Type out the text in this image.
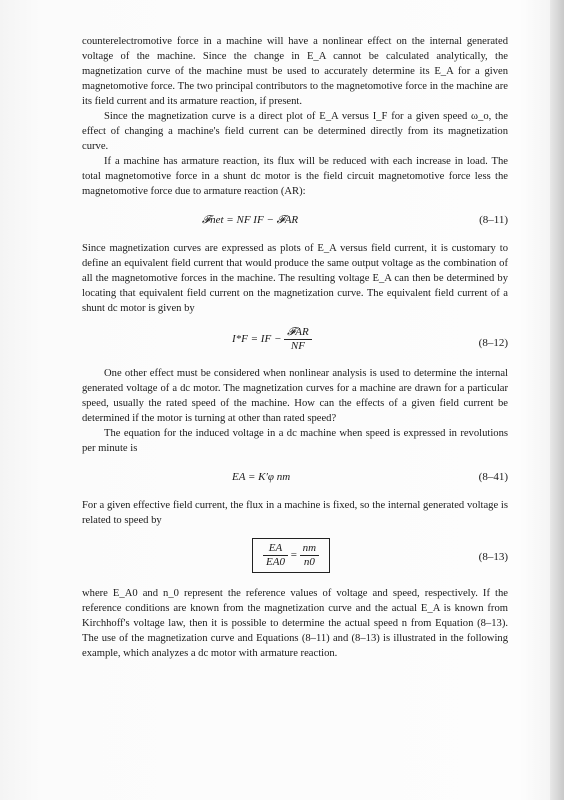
counterelectromotive force in a machine will have a nonlinear effect on the internal generated voltage of the machine. Since the change in E_A cannot be calculated analytically, the magnetization curve of the machine must be used to accurately determine its E_A for a given magnetomotive force. The two principal contributors to the magnetomotive force in the machine are its field current and its armature reaction, if present.

Since the magnetization curve is a direct plot of E_A versus I_F for a given speed ω_o, the effect of changing a machine's field current can be determined directly from its magnetization curve.

If a machine has armature reaction, its flux will be reduced with each increase in load. The total magnetomotive force in a shunt dc motor is the field circuit magnetomotive force less the magnetomotive force due to armature reaction (AR):

𝓕net = NF IF − 𝓕AR	(8–11)

Since magnetization curves are expressed as plots of E_A versus field current, it is customary to define an equivalent field current that would produce the same output voltage as the combination of all the magnetomotive forces in the machine. The resulting voltage E_A can then be determined by locating that equivalent field current on the magnetization curve. The equivalent field current of a shunt dc motor is given by

I*F = IF − $\frac{\text{𝓕AR}}{NF}$	(8–12)

One other effect must be considered when nonlinear analysis is used to determine the internal generated voltage of a dc motor. The magnetization curves for a machine are drawn for a particular speed, usually the rated speed of the machine. How can the effects of a given field current be determined if the motor is turning at other than rated speed?

The equation for the induced voltage in a dc machine when speed is expressed in revolutions per minute is

EA = K′φ nm	(8–41)

For a given effective field current, the flux in a machine is fixed, so the internal generated voltage is related to speed by

$\frac{EA}{EA0} = \frac{nm}{n0}$	(8–13)

where E_A0 and n_0 represent the reference values of voltage and speed, respectively. If the reference conditions are known from the magnetization curve and the actual E_A is known from Kirchhoff's voltage law, then it is possible to determine the actual speed n from Equation (8–13). The use of the magnetization curve and Equations (8–11) and (8–13) is illustrated in the following example, which analyzes a dc motor with armature reaction.
